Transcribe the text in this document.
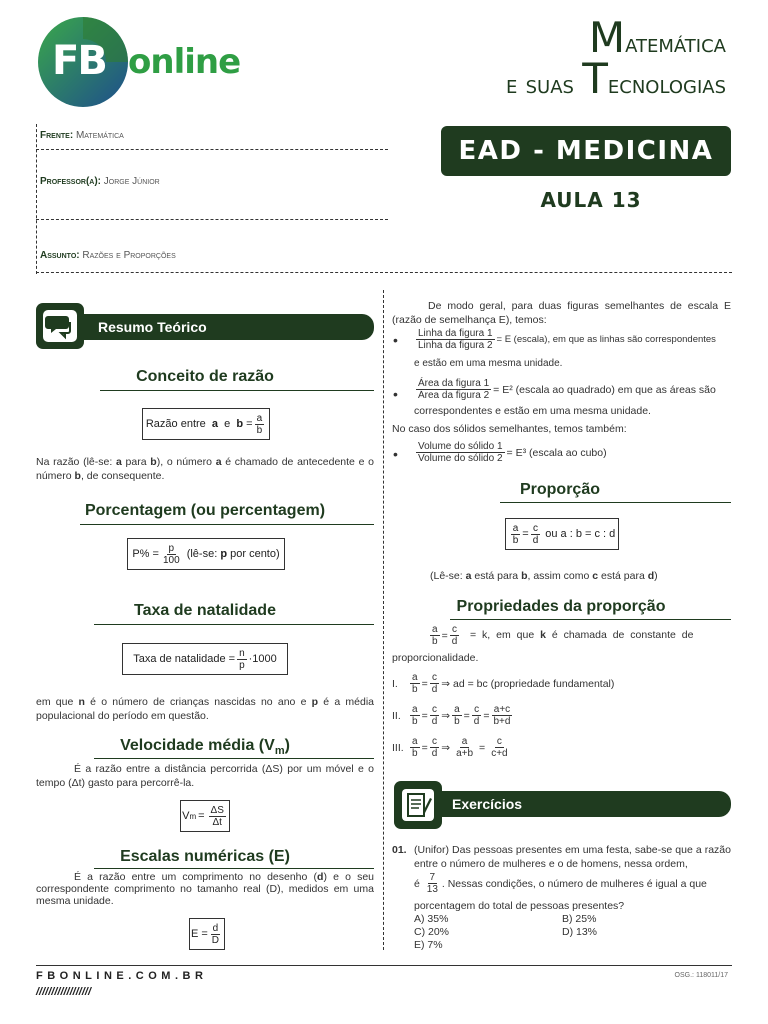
FB online	Matemática
e suas Tecnologias
EAD - MEDICINA
AULA 13
Frente: Matemática
Professor(a): Jorge Júnior
Assunto: Razões e Proporções
Resumo Teórico
Conceito de razão
Razão entre  a  e  $b = \frac{a}{b}$
Na razão (lê-se: a para b), o número a é chamado de antecedente e o número b, de consequente.
Porcentagem (ou percentagem)
$P\% = \frac{p}{100}$ (lê-se: p por cento)
Taxa de natalidade
Taxa de natalidade = $\frac{n}{p} \cdot 1000$
em que n é o número de crianças nascidas no ano e p é a média populacional do período em questão.
Velocidade média $(V_m)$
É a razão entre a distância percorrida (ΔS) por um móvel e o tempo (Δt) gasto para percorrê-la.
V $m = \frac{\Delta S}{\Delta t}$
Escalas numéricas (E)
É a razão entre um comprimento no desenho (d) e o seu correspondente comprimento no tamanho real (D), medidos em uma mesma unidade.
$E = \frac{d}{D}$
De modo geral, para duas figuras semelhantes de escala E (razão de semelhança E), temos:
• $\frac{\text{Linha da figura 1}}{\text{Linha da figura 2}} = E$ (escala), em que as linhas são correspondentes
e estão em uma mesma unidade.
• $\frac{\text{Área da figura 1}}{\text{Área da figura 2}} = E^2$ (escala ao quadrado) em que as áreas são
correspondentes e estão em uma mesma unidade.
No caso dos sólidos semelhantes, temos também:
• $\frac{\text{Volume do sólido 1}}{\text{Volume do sólido 2}} = E^3$ (escala ao cubo)
Proporção
$\frac{a}{b} = \frac{c}{d}$ ou a : b = c : d
(Lê-se: a está para b, assim como c está para d)
Propriedades da proporção
$\frac{a}{b} = \frac{c}{d} = k$, em que k é chamada de constante de
proporcionalidade.
I.	$\frac{a}{b} = \frac{c}{d}$ ⇒ ad = bc (propriedade fundamental)
II. $\frac{a}{b} = \frac{c}{d}$ ⇒ $\frac{a}{b} = \frac{c}{d} = \frac{a+c}{b+d}$
III. $\frac{a}{b} = \frac{c}{d}$ ⇒ $\frac{a}{a+b} = \frac{c}{c+d}$
Exercícios
01. (Unifor) Das pessoas presentes em uma festa, sabe-se que a razão entre o número de mulheres e o de homens, nessa ordem,
é
$\frac{7}{13}$ . Nessas condições, o número de mulheres é igual a que
porcentagem do total de pessoas presentes?
A) 35%	B) 25%
C) 20%	D) 13%
E) 7%
FBONLINE.COM.BR
//////////////////
OSG.: 118011/17
